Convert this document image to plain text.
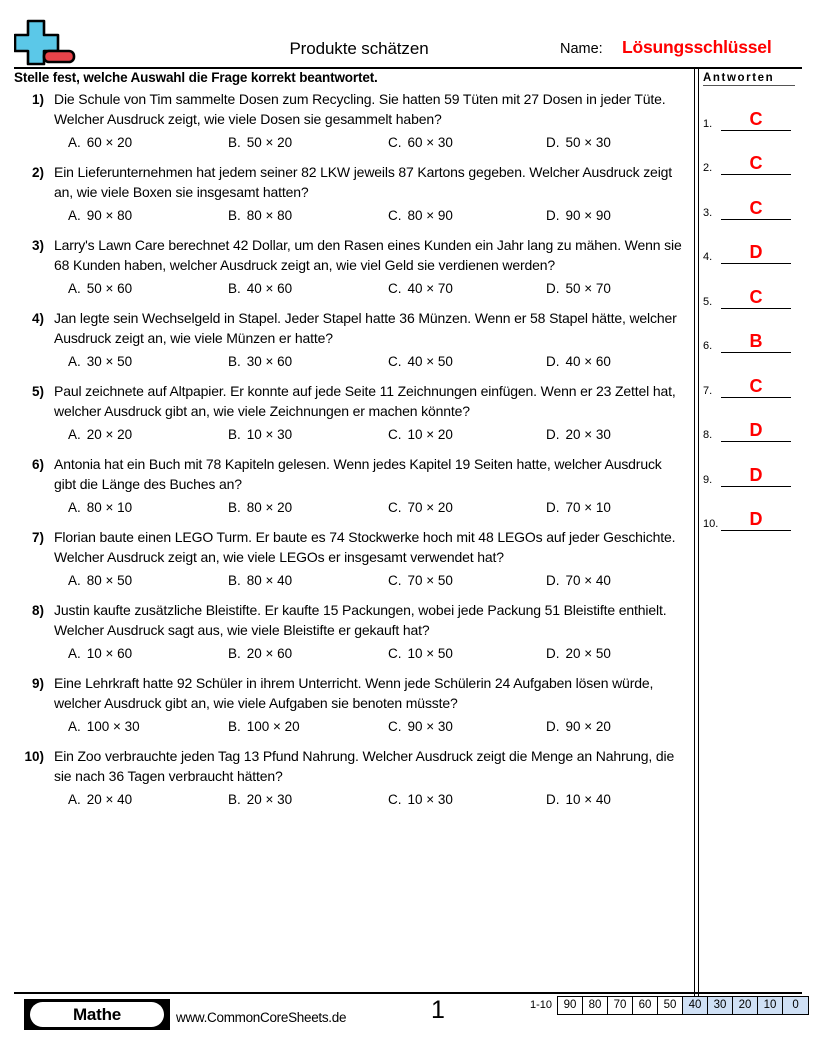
Produkte schätzen	Name: Lösungsschlüssel
Stelle fest, welche Auswahl die Frage korrekt beantwortet.	Antworten
1.	C
2.	C
3.	C
4.	D
5.	C
6.	B
7.	C
8.	D
9.	D
10.	D
1) Die Schule von Tim sammelte Dosen zum Recycling. Sie hatten 59 Tüten mit 27 Dosen in jeder Tüte. Welcher Ausdruck zeigt, wie viele Dosen sie gesammelt haben?
A. 60 × 20	B. 50 × 20	C. 60 × 30	D. 50 × 30
2) Ein Lieferunternehmen hat jedem seiner 82 LKW jeweils 87 Kartons gegeben. Welcher Ausdruck zeigt an, wie viele Boxen sie insgesamt hatten?
A. 90 × 80	B. 80 × 80	C. 80 × 90	D. 90 × 90
3) Larry's Lawn Care berechnet 42 Dollar, um den Rasen eines Kunden ein Jahr lang zu mähen. Wenn sie 68 Kunden haben, welcher Ausdruck zeigt an, wie viel Geld sie verdienen werden?
A. 50 × 60	B. 40 × 60	C. 40 × 70	D. 50 × 70
4) Jan legte sein Wechselgeld in Stapel. Jeder Stapel hatte 36 Münzen. Wenn er 58 Stapel hätte, welcher Ausdruck zeigt an, wie viele Münzen er hatte?
A. 30 × 50	B. 30 × 60	C. 40 × 50	D. 40 × 60
5) Paul zeichnete auf Altpapier. Er konnte auf jede Seite 11 Zeichnungen einfügen. Wenn er 23 Zettel hat, welcher Ausdruck gibt an, wie viele Zeichnungen er machen könnte?
A. 20 × 20	B. 10 × 30	C. 10 × 20	D. 20 × 30
6) Antonia hat ein Buch mit 78 Kapiteln gelesen. Wenn jedes Kapitel 19 Seiten hatte, welcher Ausdruck gibt die Länge des Buches an?
A. 80 × 10	B. 80 × 20	C. 70 × 20	D. 70 × 10
7) Florian baute einen LEGO Turm. Er baute es 74 Stockwerke hoch mit 48 LEGOs auf jeder Geschichte. Welcher Ausdruck zeigt an, wie viele LEGOs er insgesamt verwendet hat?
A. 80 × 50	B. 80 × 40	C. 70 × 50	D. 70 × 40
8) Justin kaufte zusätzliche Bleistifte. Er kaufte 15 Packungen, wobei jede Packung 51 Bleistifte enthielt. Welcher Ausdruck sagt aus, wie viele Bleistifte er gekauft hat?
A. 10 × 60	B. 20 × 60	C. 10 × 50	D. 20 × 50
9) Eine Lehrkraft hatte 92 Schüler in ihrem Unterricht. Wenn jede Schülerin 24 Aufgaben lösen würde, welcher Ausdruck gibt an, wie viele Aufgaben sie benoten müsste?
A. 100 × 30	B. 100 × 20	C. 90 × 30	D. 90 × 20
10) Ein Zoo verbrauchte jeden Tag 13 Pfund Nahrung. Welcher Ausdruck zeigt die Menge an Nahrung, die sie nach 36 Tagen verbraucht hätten?
A. 20 × 40	B. 20 × 30	C. 10 × 30	D. 10 × 40
Mathe	www.CommonCoreSheets.de	1	1-10	90	80	70	60	50	40	30	20	10	0
